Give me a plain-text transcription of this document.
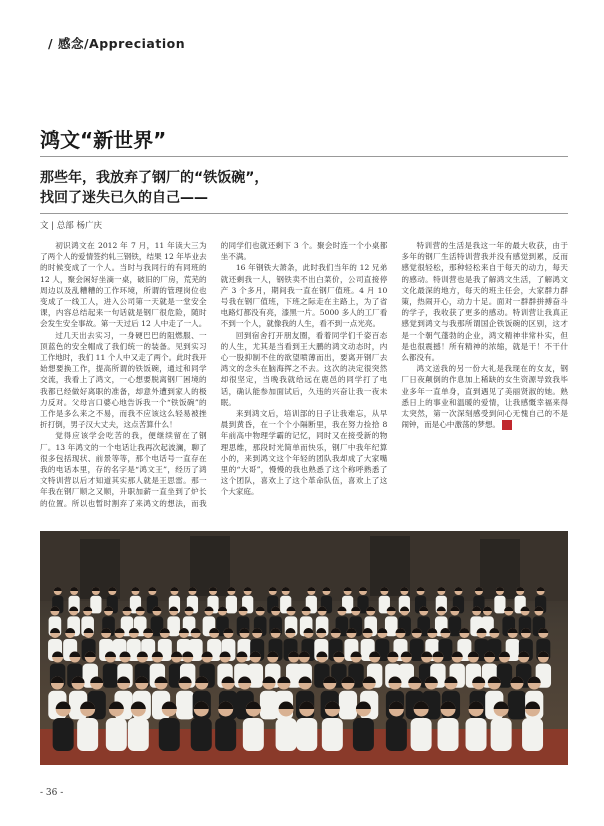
/ 感念/Appreciation
鸿文“新世界”
那些年，我放弃了钢厂的“铁饭碗”，
找回了迷失已久的自己——
文 | 总部 杨广庆

初识鸿文在 2012 年 7 月，11 年读大三为了两个人的爱情签约轧三钢铁，结果 12 年毕业去的时候变成了一个人。当时与我同行的有同班的 12 人，聚会闲好坐滴一桌，破旧的厂房，荒芜的周边以及乱糟糟的工作环境，所谓的管理岗位也变成了一线工人，进入公司第一天就是一堂安全课，内容总结起来一句话就是钢厂很危险，随时会发生安全事故。第一天过后 12 人中走了一人。

过几天出去实习，一身硬巴巴的阻燃服、一顶蓝色的安全帽成了我们统一的装备。见到实习工作地时，我们 11 个人中又走了两个。此时我开始想要换工作，提高所谓的铁饭碗，通过和同学交流，我看上了鸿文，一心想要脱离钢厂困境的我都已经做好离职的准备，却意外遭到家人的极力反对。父母言口婆心地告诉我一个“铁饭碗”的工作是多么来之不易，而我不应该这么轻易被挫折打倒，男子汉大丈夫，这点苦算什么！

觉得应该学会吃苦的我，便继续留在了钢厂。13 年鸿文的一个电话让我再次起波澜，聊了很多包括现状、前景等等，那个电话号一直存在我的电话本里，存的名字是“鸿文王”，经历了鸿文特训营以后才知道其实那人就是王思雷。那一年我在钢厂顺之又顺，升职加薪一直坐到了炉长的位置。所以也暂时割弃了来鸿文的想法，而我的同学们也就还剩下 3 个。聚会时连一个小桌都坐不满。

16 年钢铁大萧条，此时我们当年的 12 兄弟就还剩我一人，钢铁卖不出白菜价，公司直接停产 3 个多月，期间我一直在钢厂值班。4 月 10 号我在钢厂值班，下班之际走在主路上，为了省电路灯都没有亮，漆黑一片。5000 多人的工厂看不到一个人，就像我的人生，看不到一点光亮。

回到宿舍打开朋友圈，看着同学们千姿百态的人生，尤其是当看到王大鹏的鸿文动态时，内心一股抑制不住的欲望喷薄而出，要离开钢厂去鸿文的念头在脑海挥之不去。这次的决定很突然却很坚定，当晚我就给远在鹿邑的同学打了电话，确认能参加面试后，久违的兴奋让我一夜未眠。

来到鸿文后，培训部的日子让我难忘，从早晨到黄昏，在一个个小隔断里，我在努力捡拾 8 年前高中物理学霸的记忆，同时又在接受新的物理思维，那段时光简单而快乐，钢厂中我年纪算小的，来到鸿文这个年轻的团队我却成了大家嘴里的“大哥”，慢慢的我也熟悉了这个称呼熟悉了这个团队，喜欢上了这个革命队伍，喜欢上了这个大家庭。

特训营的生活是我这一年的最大收获，由于多年的钢厂生活特训营我并没有感觉到累，反而感觉很轻松，那种轻松来自于每天的动力，每天的感动。特训营也是我了解鸿文生活，了解鸿文文化最深的地方，每天的班主任会，大家群力群策，热闹开心，动力十足。面对一群群拼搏奋斗的学子，我收获了更多的感动。特训营让我真正感觉到鸿文与我那所谓国企铁饭碗的区别，这才是一个朝气蓬勃的企业，鸿文精神非常朴实，但是也很震撼！所有精神的浓缩，就是干！不干什么都没有。

鸿文送我的另一份大礼是我现在的女友，钢厂日夜颠倒的作息加上稀缺的女生资源导致我毕业多年一直单身，直到遇见了美丽贤淑的她。熟悉日上的事业和温暖的爱情，让我感慨幸福来得太突然，第一次深刻感受到问心无愧自己的不是闹钟，而是心中激荡的梦想。	鸿

- 36 -
